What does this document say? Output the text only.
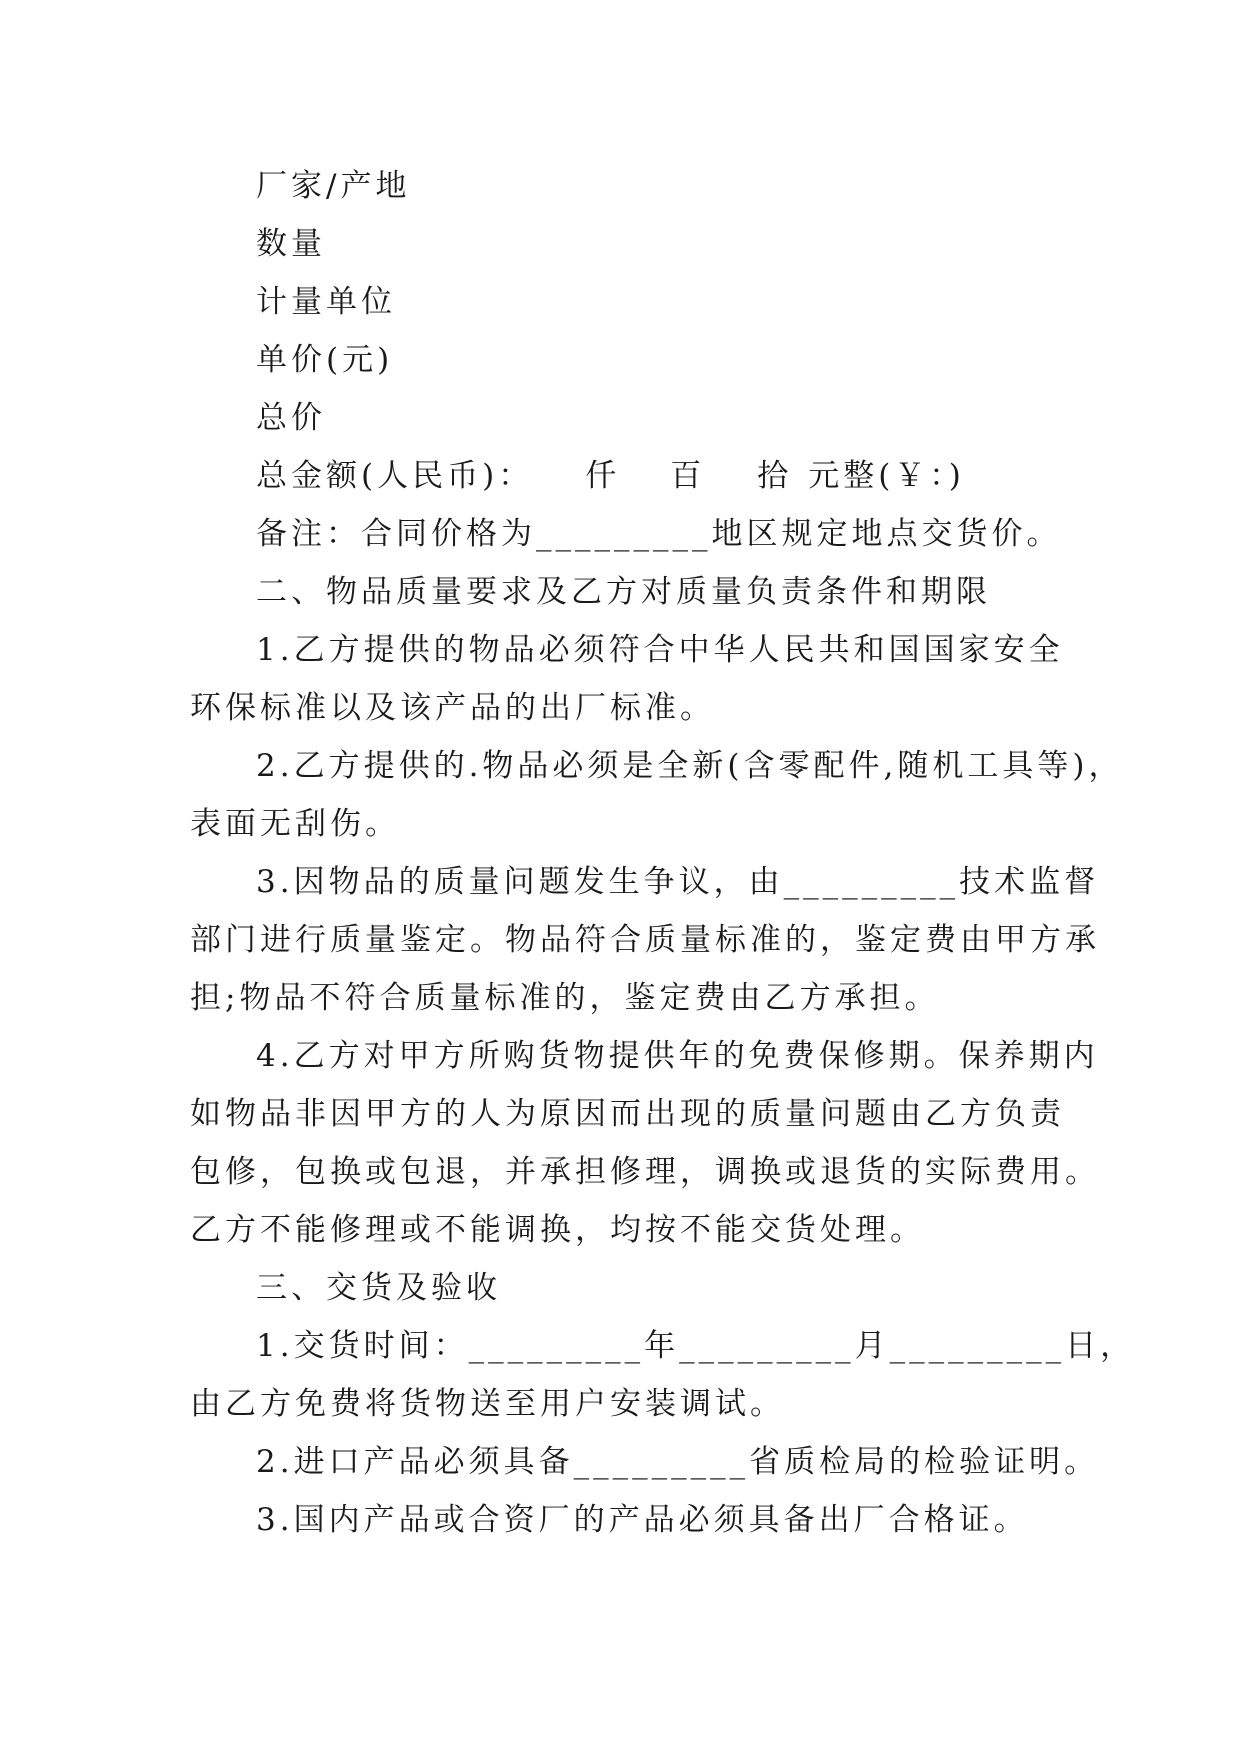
厂家/产地
数量
计量单位
单价(元)
总价
总金额(人民币)： 仟 百 拾 元整(￥：)
备注：合同价格为_________地区规定地点交货价。
二、物品质量要求及乙方对质量负责条件和期限
1.乙方提供的物品必须符合中华人民共和国国家安全
环保标准以及该产品的出厂标准。
2.乙方提供的.物品必须是全新(含零配件,随机工具等)，
表面无刮伤。
3.因物品的质量问题发生争议，由_________技术监督
部门进行质量鉴定。物品符合质量标准的，鉴定费由甲方承
担;物品不符合质量标准的，鉴定费由乙方承担。
4.乙方对甲方所购货物提供年的免费保修期。保养期内
如物品非因甲方的人为原因而出现的质量问题由乙方负责
包修，包换或包退，并承担修理，调换或退货的实际费用。
乙方不能修理或不能调换，均按不能交货处理。
三、交货及验收
1.交货时间：_________年_________月_________日，
由乙方免费将货物送至用户安装调试。
2.进口产品必须具备_________省质检局的检验证明。
3.国内产品或合资厂的产品必须具备出厂合格证。
